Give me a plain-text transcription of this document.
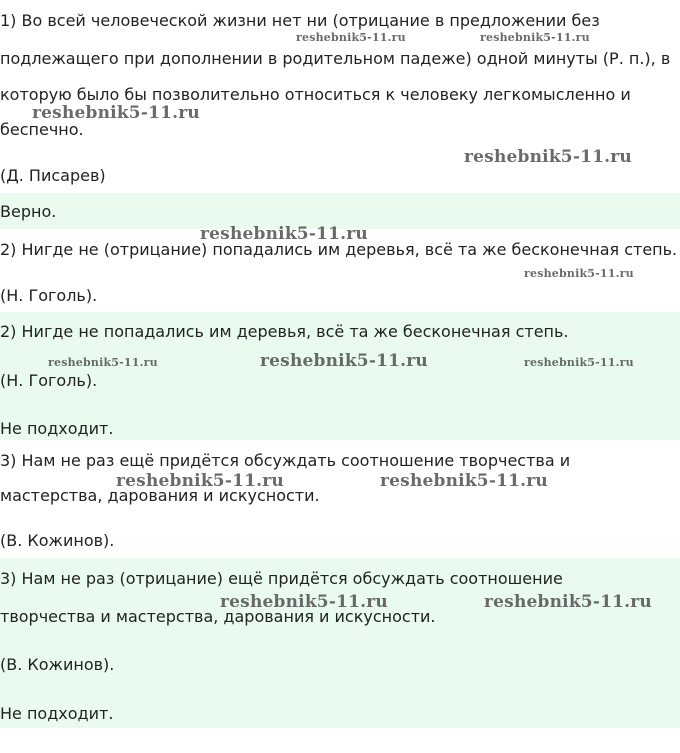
1) Во всей человеческой жизни нет ни (отрицание в предложении без

подлежащего при дополнении в родительном падеже) одной минуты (Р. п.), в

которую было бы позволительно относиться к человеку легкомысленно и

беспечно.

(Д. Писарев)

Верно.

2) Нигде не (отрицание) попадались им деревья, всё та же бесконечная степь.

(Н. Гоголь).

2) Нигде не попадались им деревья, всё та же бесконечная степь.

(Н. Гоголь).

Не подходит.

3) Нам не раз ещё придётся обсуждать соотношение творчества и

мастерства, дарования и искусности.

(В. Кожинов).

3) Нам не раз (отрицание) ещё придётся обсуждать соотношение

творчества и мастерства, дарования и искусности.

(В. Кожинов).

Не подходит.

reshebnik5-11.ru	reshebnik5-11.ru
reshebnik5-11.ru
reshebnik5-11.ru
reshebnik5-11.ru
reshebnik5-11.ru
reshebnik5-11.ru	reshebnik5-11.ru	reshebnik5-11.ru
reshebnik5-11.ru	reshebnik5-11.ru
reshebnik5-11.ru	reshebnik5-11.ru
